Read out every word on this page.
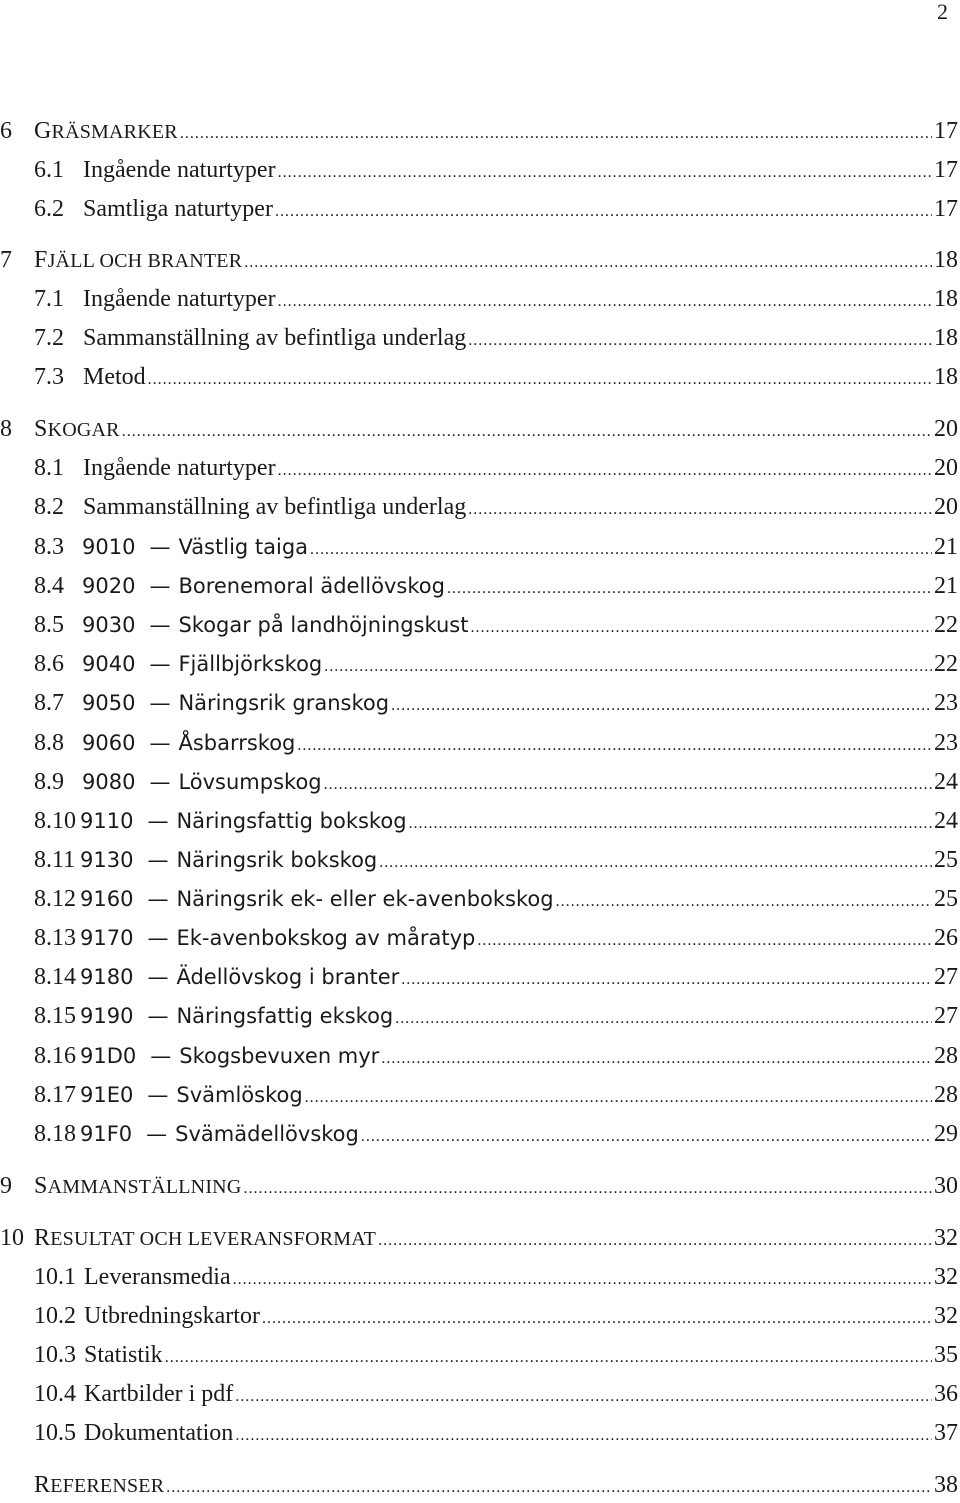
2
6 GRÄSMARKER .....	17
6.1 Ingående naturtyper .....	17
6.2 Samtliga naturtyper .....	17
7 FJÄLL OCH BRANTER .....	18
7.1 Ingående naturtyper .....	18
7.2 Sammanställning av befintliga underlag .....	18
7.3 Metod .....	18
8 SKOGAR .....	20
8.1 Ingående naturtyper .....	20
8.2 Sammanställning av befintliga underlag .....	20
8.3 9010 — Västlig taiga .....	21
8.4 9020 — Borenemoral ädellövskog .....	21
8.5 9030 — Skogar på landhöjningskust .....	22
8.6 9040 — Fjällbjörkskog .....	22
8.7 9050 — Näringsrik granskog .....	23
8.8 9060 — Åsbarrskog .....	23
8.9 9080 — Lövsumpskog .....	24
8.10 9110 — Näringsfattig bokskog .....	24
8.11 9130 — Näringsrik bokskog .....	25
8.12 9160 — Näringsrik ek- eller ek-avenbokskog .....	25
8.13 9170 — Ek-avenbokskog av måratyp .....	26
8.14 9180 — Ädellövskog i branter .....	27
8.15 9190 — Näringsfattig ekskog .....	27
8.16 91D0 — Skogsbevuxen myr .....	28
8.17 91E0 — Svämlöskog .....	28
8.18 91F0 — Svämädellövskog .....	29
9 SAMMANSTÄLLNING .....	30
10 RESULTAT OCH LEVERANSFORMAT .....	32
10.1 Leveransmedia .....	32
10.2 Utbredningskartor .....	32
10.3 Statistik .....	35
10.4 Kartbilder i pdf .....	36
10.5 Dokumentation .....	37
REFERENSER .....	38
